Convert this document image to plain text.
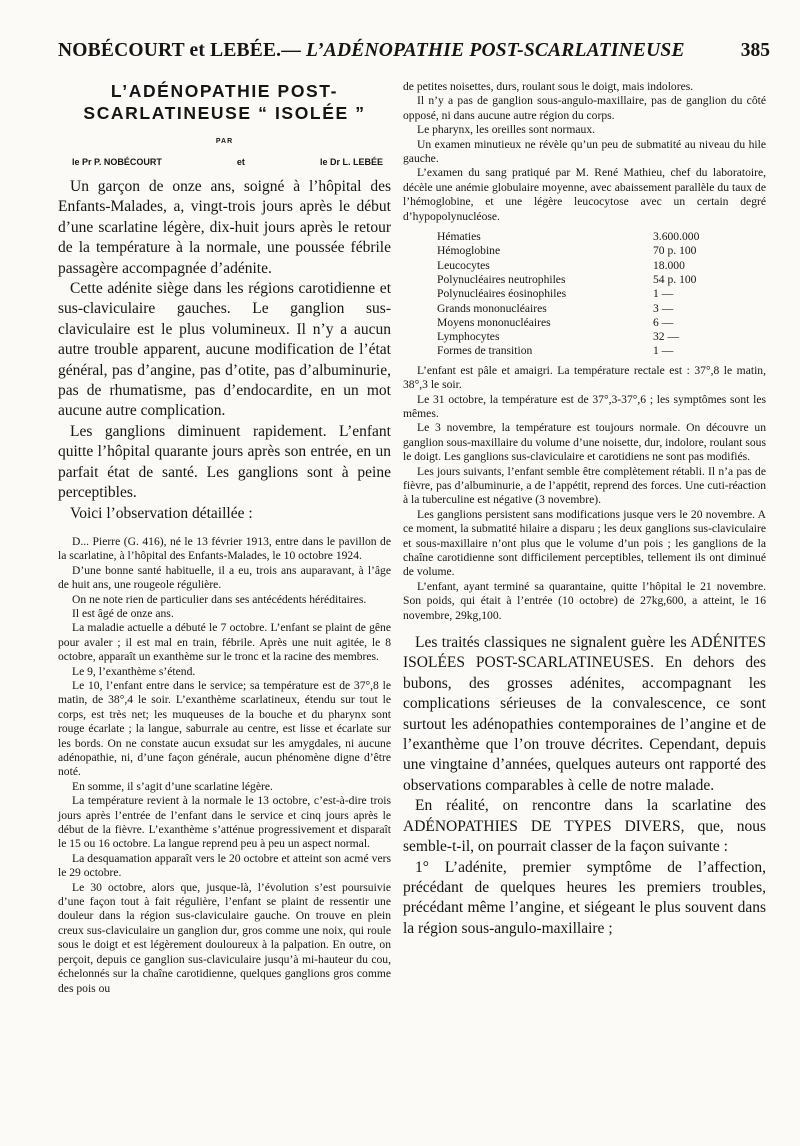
NOBÉCOURT et LEBÉE.— L’ADÉNOPATHIE POST-SCARLATINEUSE	385
L’ADÉNOPATHIE POST-
SCARLATINEUSE “ ISOLÉE ”
PAR
le Pr P. NOBÉCOURT	et	le Dr L. LEBÉE

Un garçon de onze ans, soigné à l’hôpital des Enfants-Malades, a, vingt-trois jours après le début d’une scarlatine légère, dix-huit jours après le retour de la température à la normale, une poussée fébrile passagère accompagnée d’adénite.

Cette adénite siège dans les régions carotidienne et sus-claviculaire gauches. Le ganglion sus-claviculaire est le plus volumineux. Il n’y a aucun autre trouble apparent, aucune modification de l’état général, pas d’angine, pas d’otite, pas d’albuminurie, pas de rhumatisme, pas d’endocardite, en un mot aucune autre complication.

Les ganglions diminuent rapidement. L’enfant quitte l’hôpital quarante jours après son entrée, en un parfait état de santé. Les ganglions sont à peine perceptibles.

Voici l’observation détaillée :

D... Pierre (G. 416), né le 13 février 1913, entre dans le pavillon de la scarlatine, à l’hôpital des Enfants-Malades, le 10 octobre 1924.

D’une bonne santé habituelle, il a eu, trois ans auparavant, à l’âge de huit ans, une rougeole régulière.

On ne note rien de particulier dans ses antécédents héréditaires.

Il est âgé de onze ans.

La maladie actuelle a débuté le 7 octobre. L’enfant se plaint de gêne pour avaler ; il est mal en train, fébrile. Après une nuit agitée, le 8 octobre, apparaît un exanthème sur le tronc et la racine des membres.

Le 9, l’exanthème s’étend.

Le 10, l’enfant entre dans le service; sa température est de 37°,8 le matin, de 38°,4 le soir. L’exanthème scarlatineux, étendu sur tout le corps, est très net; les muqueuses de la bouche et du pharynx sont rouge écarlate ; la langue, saburrale au centre, est lisse et écarlate sur les bords. On ne constate aucun exsudat sur les amygdales, ni aucune adénopathie, ni, d’une façon générale, aucun phénomène digne d’être noté.

En somme, il s’agit d’une scarlatine légère.

La température revient à la normale le 13 octobre, c’est-à-dire trois jours après l’entrée de l’enfant dans le service et cinq jours après le début de la fièvre. L’exanthème s’atténue progressivement et disparaît le 15 ou 16 octobre. La langue reprend peu à peu un aspect normal.

La desquamation apparaît vers le 20 octobre et atteint son acmé vers le 29 octobre.

Le 30 octobre, alors que, jusque-là, l’évolution s’est poursuivie d’une façon tout à fait régulière, l’enfant se plaint de ressentir une douleur dans la région sus-claviculaire gauche. On trouve en plein creux sus-claviculaire un ganglion dur, gros comme une noix, qui roule sous le doigt et est légèrement douloureux à la palpation. En outre, on perçoit, depuis ce ganglion sus-claviculaire jusqu’à mi-hauteur du cou, échelonnés sur la chaîne carotidienne, quelques ganglions gros comme des pois ou

de petites noisettes, durs, roulant sous le doigt, mais indolores.

Il n’y a pas de ganglion sous-angulo-maxillaire, pas de ganglion du côté opposé, ni dans aucune autre région du corps.

Le pharynx, les oreilles sont normaux.

Un examen minutieux ne révèle qu’un peu de submatité au niveau du hile gauche.

L’examen du sang pratiqué par M. René Mathieu, chef du laboratoire, décèle une anémie globulaire moyenne, avec abaissement parallèle du taux de l’hémoglobine, et une légère leucocytose avec un certain degré d’hypopolynucléose.

Hématies	3.600.000
Hémoglobine	70 p. 100
Leucocytes	18.000
Polynucléaires neutrophiles	54 p. 100
Polynucléaires éosinophiles	1 —
Grands mononucléaires	3 —
Moyens mononucléaires	6 —
Lymphocytes	32 —
Formes de transition	1 —

L’enfant est pâle et amaigri. La température rectale est : 37°,8 le matin, 38°,3 le soir.

Le 31 octobre, la température est de 37°,3-37°,6 ; les symptômes sont les mêmes.

Le 3 novembre, la température est toujours normale. On découvre un ganglion sous-maxillaire du volume d’une noisette, dur, indolore, roulant sous le doigt. Les ganglions sus-claviculaire et carotidiens ne sont pas modifiés.

Les jours suivants, l’enfant semble être complètement rétabli. Il n’a pas de fièvre, pas d’albuminurie, a de l’appétit, reprend des forces. Une cuti-réaction à la tuberculine est négative (3 novembre).

Les ganglions persistent sans modifications jusque vers le 20 novembre. A ce moment, la submatité hilaire a disparu ; les deux ganglions sus-claviculaire et sous-maxillaire n’ont plus que le volume d’un pois ; les ganglions de la chaîne carotidienne sont difficilement perceptibles, tellement ils ont diminué de volume.

L’enfant, ayant terminé sa quarantaine, quitte l’hôpital le 21 novembre. Son poids, qui était à l’entrée (10 octobre) de 27kg,600, a atteint, le 16 novembre, 29kg,100.

Les traités classiques ne signalent guère les ADÉNITES ISOLÉES POST-SCARLATINEUSES. En dehors des bubons, des grosses adénites, accompagnant les complications sérieuses de la convalescence, ce sont surtout les adénopathies contemporaines de l’angine et de l’exanthème que l’on trouve décrites. Cependant, depuis une vingtaine d’années, quelques auteurs ont rapporté des observations comparables à celle de notre malade.

En réalité, on rencontre dans la scarlatine des ADÉNOPATHIES DE TYPES DIVERS, que, nous semble-t-il, on pourrait classer de la façon suivante :

1° L’adénite, premier symptôme de l’affection, précédant de quelques heures les premiers troubles, précédant même l’angine, et siégeant le plus souvent dans la région sous-angulo-maxillaire ;
